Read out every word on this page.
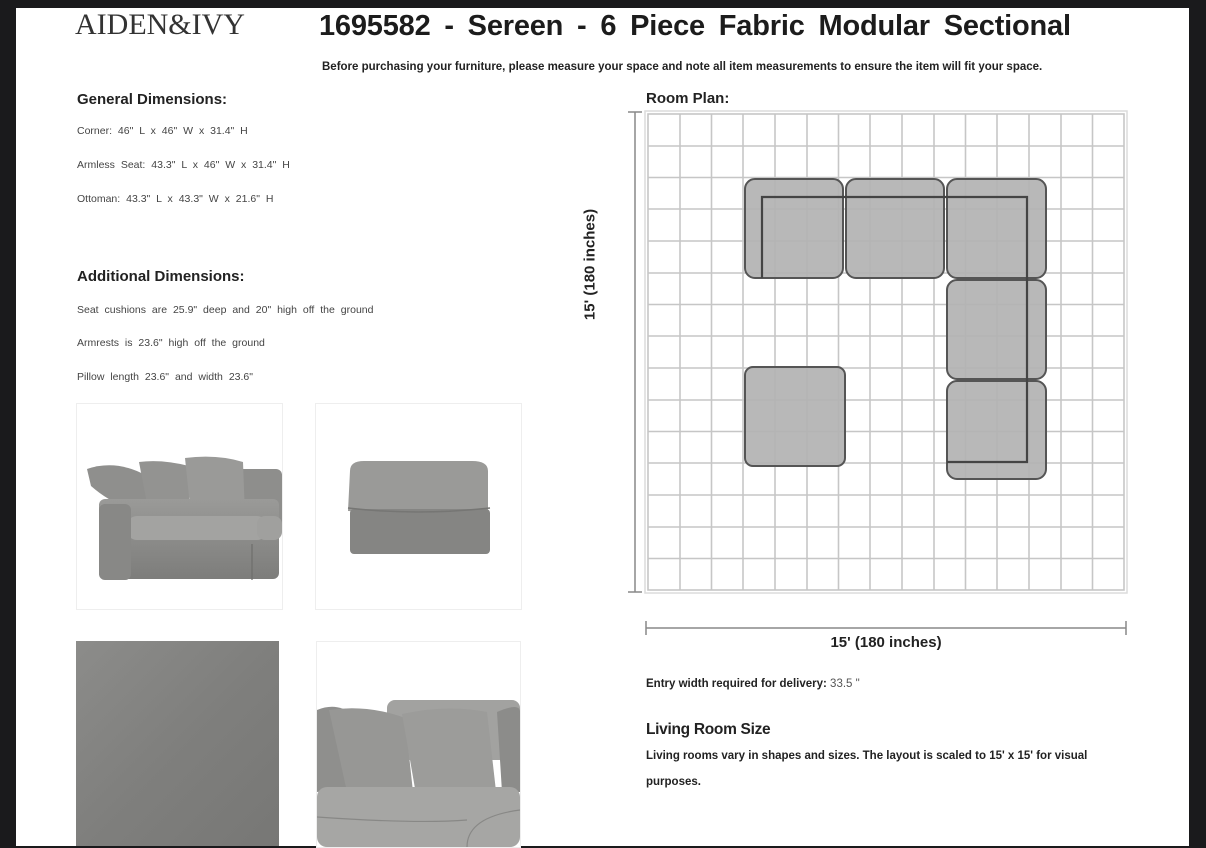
AIDEN&IVY	1695582 - Sereen - 6 Piece Fabric Modular Sectional
Before purchasing your furniture, please measure your space and note all item measurements to ensure the item will fit your space.
General Dimensions:
Corner: 46" L x 46" W x 31.4" H
Armless Seat: 43.3" L x 46" W x 31.4" H
Ottoman: 43.3" L x 43.3" W x 21.6" H
Additional Dimensions:
Seat cushions are 25.9" deep and 20" high off the ground
Armrests is 23.6" high off the ground
Pillow length 23.6" and width 23.6"
Room Plan:
15' (180 inches)
15' (180 inches)
Entry width required for delivery: 33.5 "
Living Room Size
Living rooms vary in shapes and sizes. The layout is scaled to 15' x 15' for visual purposes.
